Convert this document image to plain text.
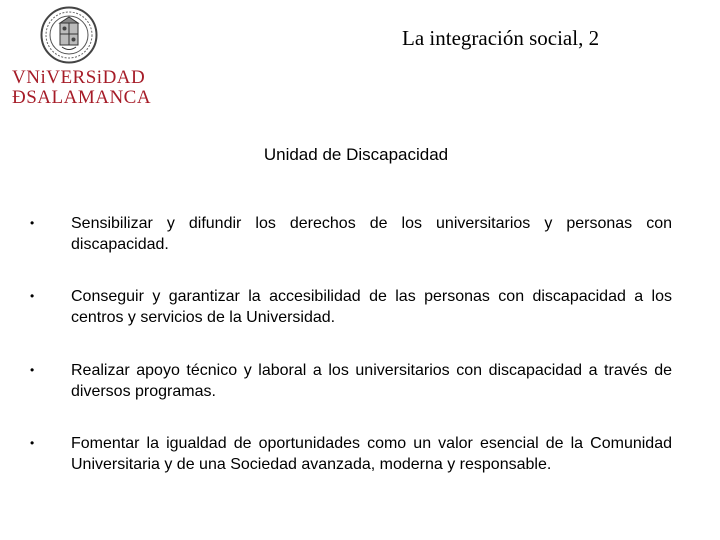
VNiVERSiDAD
ÐSALAMANCA
La integración social, 2
Unidad de Discapacidad
•	Sensibilizar y difundir los derechos de los universitarios y personas con discapacidad.
•	Conseguir y garantizar la accesibilidad de las personas con discapacidad a los centros y servicios de la Universidad.
•	Realizar apoyo técnico y laboral a los universitarios con discapacidad a través de diversos programas.
•	Fomentar la igualdad de oportunidades como un valor esencial de la Comunidad Universitaria y de una Sociedad avanzada, moderna y responsable.
